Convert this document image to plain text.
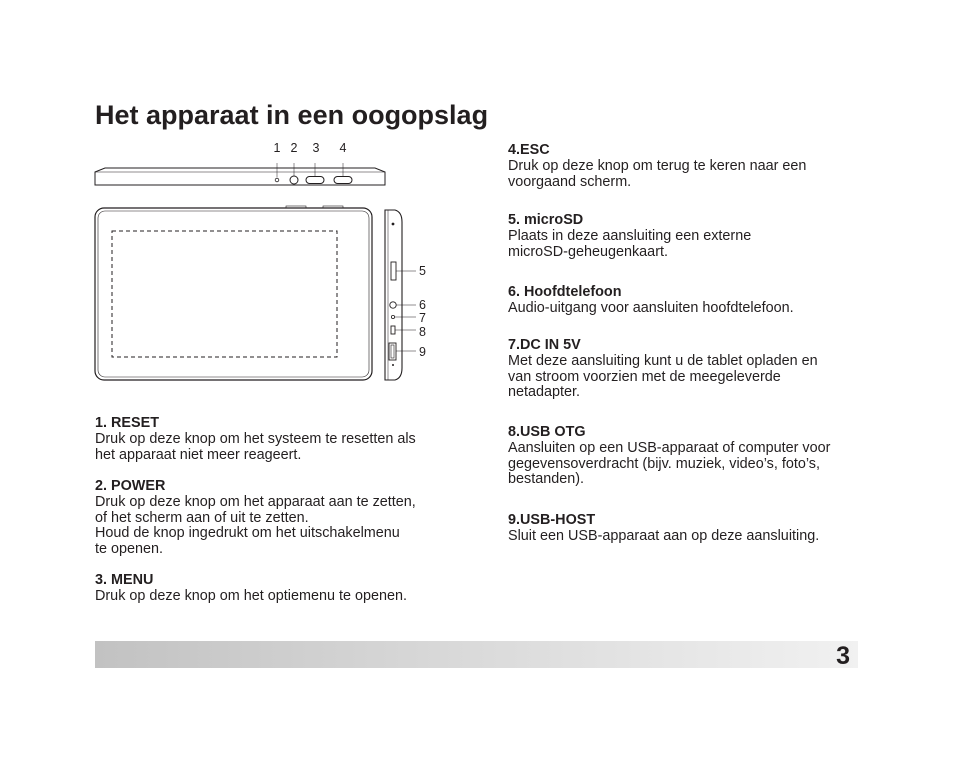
Het apparaat in een oogopslag
1 2 3 4
5
6
7
8
9
1. RESET
Druk op deze knop om het systeem te resetten als
het apparaat niet meer reageert.
2. POWER
Druk op deze knop om het apparaat aan te zetten,
of het scherm aan of uit te zetten.
Houd de knop ingedrukt om het uitschakelmenu
te openen.
3. MENU
Druk op deze knop om het optiemenu te openen.
4.ESC
Druk op deze knop om terug te keren naar een
voorgaand scherm.
5. microSD
Plaats in deze aansluiting een externe
microSD-geheugenkaart.
6. Hoofdtelefoon
Audio-uitgang voor aansluiten hoofdtelefoon.
7.DC IN 5V
Met deze aansluiting kunt u de tablet opladen en
van stroom voorzien met de meegeleverde
netadapter.
8.USB OTG
Aansluiten op een USB-apparaat of computer voor
gegevensoverdracht (bijv. muziek, video’s, foto’s,
bestanden).
9.USB-HOST
Sluit een USB-apparaat aan op deze aansluiting.
3
